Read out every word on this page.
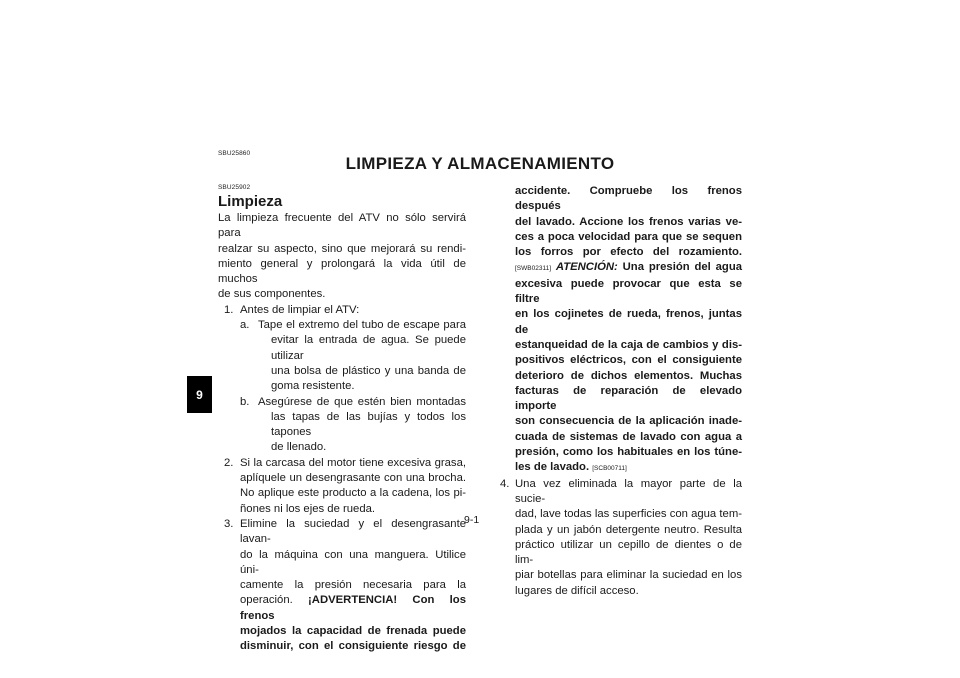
SBU25860
LIMPIEZA Y ALMACENAMIENTO
9
SBU25902
Limpieza

La limpieza frecuente del ATV no sólo servirá para

realzar su aspecto, sino que mejorará su rendi-

miento general y prolongará la vida útil de muchos

de sus componentes.

1. Antes de limpiar el ATV:

a. Tape el extremo del tubo de escape para

evitar la entrada de agua. Se puede utilizar

una bolsa de plástico y una banda de

goma resistente.

b. Asegúrese de que estén bien montadas

las tapas de las bujías y todos los tapones

de llenado.

2. Si la carcasa del motor tiene excesiva grasa,

aplíquele un desengrasante con una brocha.

No aplique este producto a la cadena, los pi-

ñones ni los ejes de rueda.

3. Elimine la suciedad y el desengrasante lavan-

do la máquina con una manguera. Utilice úni-

camente la presión necesaria para la

operación. ¡ADVERTENCIA! Con los frenos

mojados la capacidad de frenada puede

disminuir, con el consiguiente riesgo de

accidente. Compruebe los frenos después

del lavado. Accione los frenos varias ve-

ces a poca velocidad para que se sequen

los forros por efecto del rozamiento.

[SWB02311] ATENCIÓN: Una presión del agua

excesiva puede provocar que esta se filtre

en los cojinetes de rueda, frenos, juntas de

estanqueidad de la caja de cambios y dis-

positivos eléctricos, con el consiguiente

deterioro de dichos elementos. Muchas

facturas de reparación de elevado importe

son consecuencia de la aplicación inade-

cuada de sistemas de lavado con agua a

presión, como los habituales en los túne-

les de lavado. [SCB00711]

4. Una vez eliminada la mayor parte de la sucie-

dad, lave todas las superficies con agua tem-

plada y un jabón detergente neutro. Resulta

práctico utilizar un cepillo de dientes o de lim-

piar botellas para eliminar la suciedad en los

lugares de difícil acceso.

9-1
